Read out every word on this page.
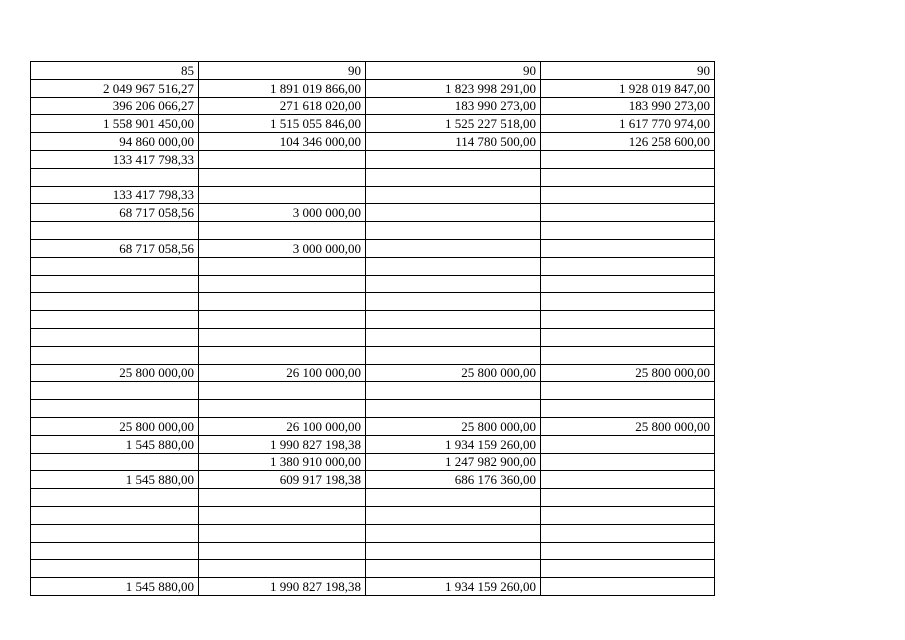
85	90	90	90
2 049 967 516,27	1 891 019 866,00	1 823 998 291,00	1 928 019 847,00
396 206 066,27	271 618 020,00	183 990 273,00	183 990 273,00
1 558 901 450,00	1 515 055 846,00	1 525 227 518,00	1 617 770 974,00
94 860 000,00	104 346 000,00	114 780 500,00	126 258 600,00
133 417 798,33			

133 417 798,33			
68 717 058,56	3 000 000,00		

68 717 058,56	3 000 000,00		

25 800 000,00	26 100 000,00	25 800 000,00	25 800 000,00

25 800 000,00	26 100 000,00	25 800 000,00	25 800 000,00
1 545 880,00	1 990 827 198,38	1 934 159 260,00	
	1 380 910 000,00	1 247 982 900,00	
1 545 880,00	609 917 198,38	686 176 360,00	

1 545 880,00	1 990 827 198,38	1 934 159 260,00	
